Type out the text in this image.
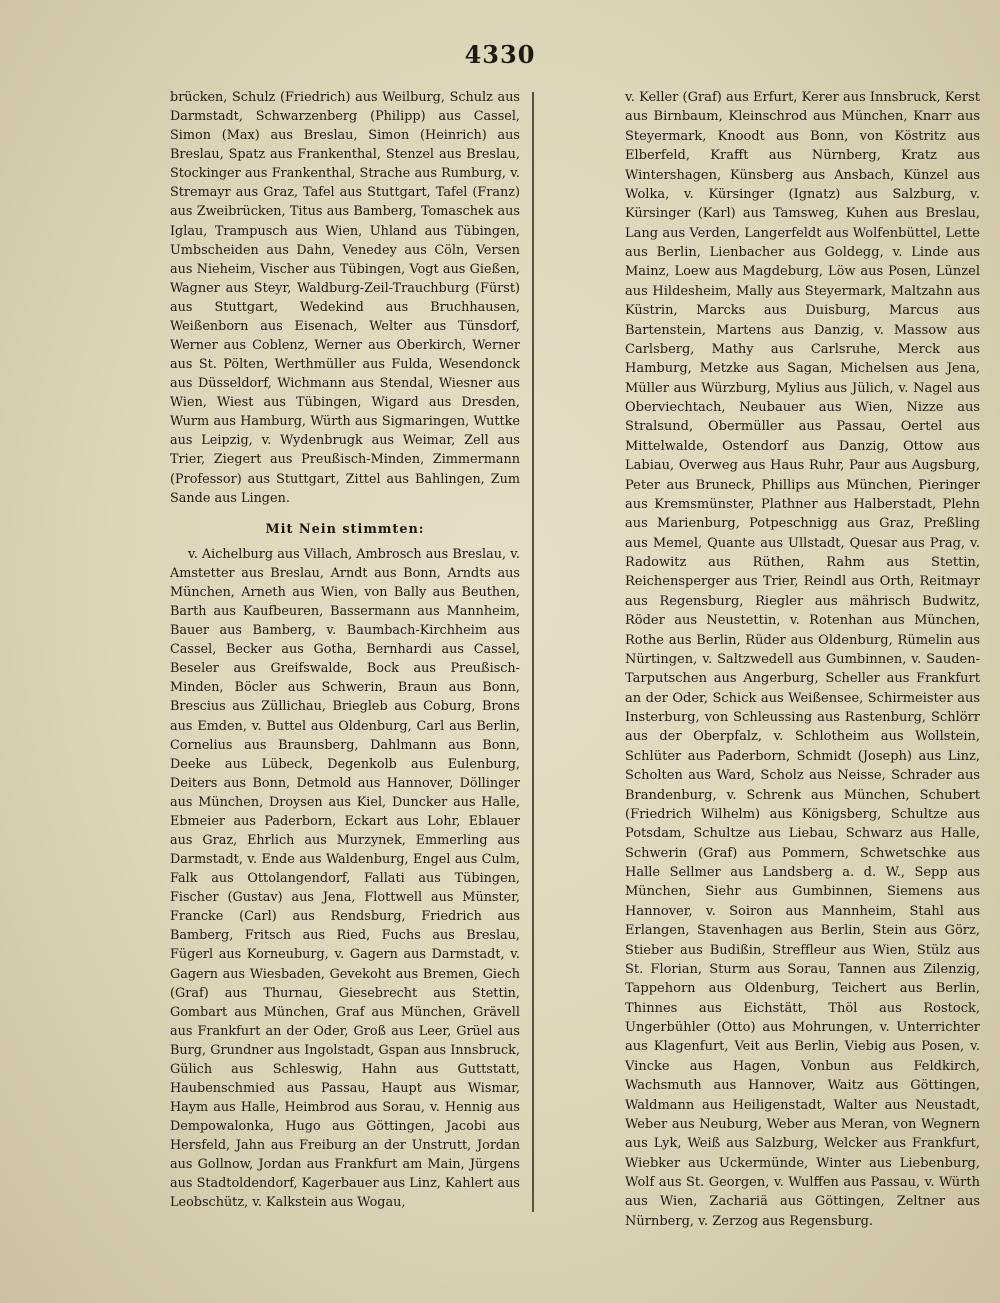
4330

brücken, Schulz (Friedrich) aus Weilburg, Schulz aus Darmstadt, Schwarzenberg (Philipp) aus Cassel, Simon (Max) aus Breslau, Simon (Heinrich) aus Breslau, Spatz aus Frankenthal, Stenzel aus Breslau, Stockinger aus Frankenthal, Strache aus Rumburg, v. Stremayr aus Graz, Tafel aus Stuttgart, Tafel (Franz) aus Zweibrücken, Titus aus Bamberg, Tomaschek aus Iglau, Trampusch aus Wien, Uhland aus Tübingen, Umbscheiden aus Dahn, Venedey aus Cöln, Versen aus Nieheim, Vischer aus Tübingen, Vogt aus Gießen, Wagner aus Steyr, Waldburg-Zeil-Trauchburg (Fürst) aus Stuttgart, Wedekind aus Bruchhausen, Weißenborn aus Eisenach, Welter aus Tünsdorf, Werner aus Coblenz, Werner aus Oberkirch, Werner aus St. Pölten, Werthmüller aus Fulda, Wesendonck aus Düsseldorf, Wichmann aus Stendal, Wiesner aus Wien, Wiest aus Tübingen, Wigard aus Dresden, Wurm aus Hamburg, Würth aus Sigmaringen, Wuttke aus Leipzig, v. Wydenbrugk aus Weimar, Zell aus Trier, Ziegert aus Preußisch-Minden, Zimmermann (Professor) aus Stuttgart, Zittel aus Bahlingen, Zum Sande aus Lingen.

Mit Nein stimmten:

v. Aichelburg aus Villach, Ambrosch aus Breslau, v. Amstetter aus Breslau, Arndt aus Bonn, Arndts aus München, Arneth aus Wien, von Bally aus Beuthen, Barth aus Kaufbeuren, Bassermann aus Mannheim, Bauer aus Bamberg, v. Baumbach-Kirchheim aus Cassel, Becker aus Gotha, Bernhardi aus Cassel, Beseler aus Greifswalde, Bock aus Preußisch-Minden, Böcler aus Schwerin, Braun aus Bonn, Brescius aus Züllichau, Briegleb aus Coburg, Brons aus Emden, v. Buttel aus Oldenburg, Carl aus Berlin, Cornelius aus Braunsberg, Dahlmann aus Bonn, Deeke aus Lübeck, Degenkolb aus Eulenburg, Deiters aus Bonn, Detmold aus Hannover, Döllinger aus München, Droysen aus Kiel, Duncker aus Halle, Ebmeier aus Paderborn, Eckart aus Lohr, Eblauer aus Graz, Ehrlich aus Murzynek, Emmerling aus Darmstadt, v. Ende aus Waldenburg, Engel aus Culm, Falk aus Ottolangendorf, Fallati aus Tübingen, Fischer (Gustav) aus Jena, Flottwell aus Münster, Francke (Carl) aus Rendsburg, Friedrich aus Bamberg, Fritsch aus Ried, Fuchs aus Breslau, Fügerl aus Korneuburg, v. Gagern aus Darmstadt, v. Gagern aus Wiesbaden, Gevekoht aus Bremen, Giech (Graf) aus Thurnau, Giesebrecht aus Stettin, Gombart aus München, Graf aus München, Grävell aus Frankfurt an der Oder, Groß aus Leer, Grüel aus Burg, Grundner aus Ingolstadt, Gspan aus Innsbruck, Gülich aus Schleswig, Hahn aus Guttstatt, Haubenschmied aus Passau, Haupt aus Wismar, Haym aus Halle, Heimbrod aus Sorau, v. Hennig aus Dempowalonka, Hugo aus Göttingen, Jacobi aus Hersfeld, Jahn aus Freiburg an der Unstrutt, Jordan aus Gollnow, Jordan aus Frankfurt am Main, Jürgens aus Stadtoldendorf, Kagerbauer aus Linz, Kahlert aus Leobschütz, v. Kalkstein aus Wogau,

v. Keller (Graf) aus Erfurt, Kerer aus Innsbruck, Kerst aus Birnbaum, Kleinschrod aus München, Knarr aus Steyermark, Knoodt aus Bonn, von Köstritz aus Elberfeld, Krafft aus Nürnberg, Kratz aus Wintershagen, Künsberg aus Ansbach, Künzel aus Wolka, v. Kürsinger (Ignatz) aus Salzburg, v. Kürsinger (Karl) aus Tamsweg, Kuhen aus Breslau, Lang aus Verden, Langerfeldt aus Wolfenbüttel, Lette aus Berlin, Lienbacher aus Goldegg, v. Linde aus Mainz, Loew aus Magdeburg, Löw aus Posen, Lünzel aus Hildesheim, Mally aus Steyermark, Maltzahn aus Küstrin, Marcks aus Duisburg, Marcus aus Bartenstein, Martens aus Danzig, v. Massow aus Carlsberg, Mathy aus Carlsruhe, Merck aus Hamburg, Metzke aus Sagan, Michelsen aus Jena, Müller aus Würzburg, Mylius aus Jülich, v. Nagel aus Oberviechtach, Neubauer aus Wien, Nizze aus Stralsund, Obermüller aus Passau, Oertel aus Mittelwalde, Ostendorf aus Danzig, Ottow aus Labiau, Overweg aus Haus Ruhr, Paur aus Augsburg, Peter aus Bruneck, Phillips aus München, Pieringer aus Kremsmünster, Plathner aus Halberstadt, Plehn aus Marienburg, Potpeschnigg aus Graz, Preßling aus Memel, Quante aus Ullstadt, Quesar aus Prag, v. Radowitz aus Rüthen, Rahm aus Stettin, Reichensperger aus Trier, Reindl aus Orth, Reitmayr aus Regensburg, Riegler aus mährisch Budwitz, Röder aus Neustettin, v. Rotenhan aus München, Rothe aus Berlin, Rüder aus Oldenburg, Rümelin aus Nürtingen, v. Saltzwedell aus Gumbinnen, v. Sauden-Tarputschen aus Angerburg, Scheller aus Frankfurt an der Oder, Schick aus Weißensee, Schirmeister aus Insterburg, von Schleussing aus Rastenburg, Schlörr aus der Oberpfalz, v. Schlotheim aus Wollstein, Schlüter aus Paderborn, Schmidt (Joseph) aus Linz, Scholten aus Ward, Scholz aus Neisse, Schrader aus Brandenburg, v. Schrenk aus München, Schubert (Friedrich Wilhelm) aus Königsberg, Schultze aus Potsdam, Schultze aus Liebau, Schwarz aus Halle, Schwerin (Graf) aus Pommern, Schwetschke aus Halle Sellmer aus Landsberg a. d. W., Sepp aus München, Siehr aus Gumbinnen, Siemens aus Hannover, v. Soiron aus Mannheim, Stahl aus Erlangen, Stavenhagen aus Berlin, Stein aus Görz, Stieber aus Budißin, Streffleur aus Wien, Stülz aus St. Florian, Sturm aus Sorau, Tannen aus Zilenzig, Tappehorn aus Oldenburg, Teichert aus Berlin, Thinnes aus Eichstätt, Thöl aus Rostock, Ungerbühler (Otto) aus Mohrungen, v. Unterrichter aus Klagenfurt, Veit aus Berlin, Viebig aus Posen, v. Vincke aus Hagen, Vonbun aus Feldkirch, Wachsmuth aus Hannover, Waitz aus Göttingen, Waldmann aus Heiligenstadt, Walter aus Neustadt, Weber aus Neuburg, Weber aus Meran, von Wegnern aus Lyk, Weiß aus Salzburg, Welcker aus Frankfurt, Wiebker aus Uckermünde, Winter aus Liebenburg, Wolf aus St. Georgen, v. Wulffen aus Passau, v. Würth aus Wien, Zachariä aus Göttingen, Zeltner aus Nürnberg, v. Zerzog aus Regensburg.
